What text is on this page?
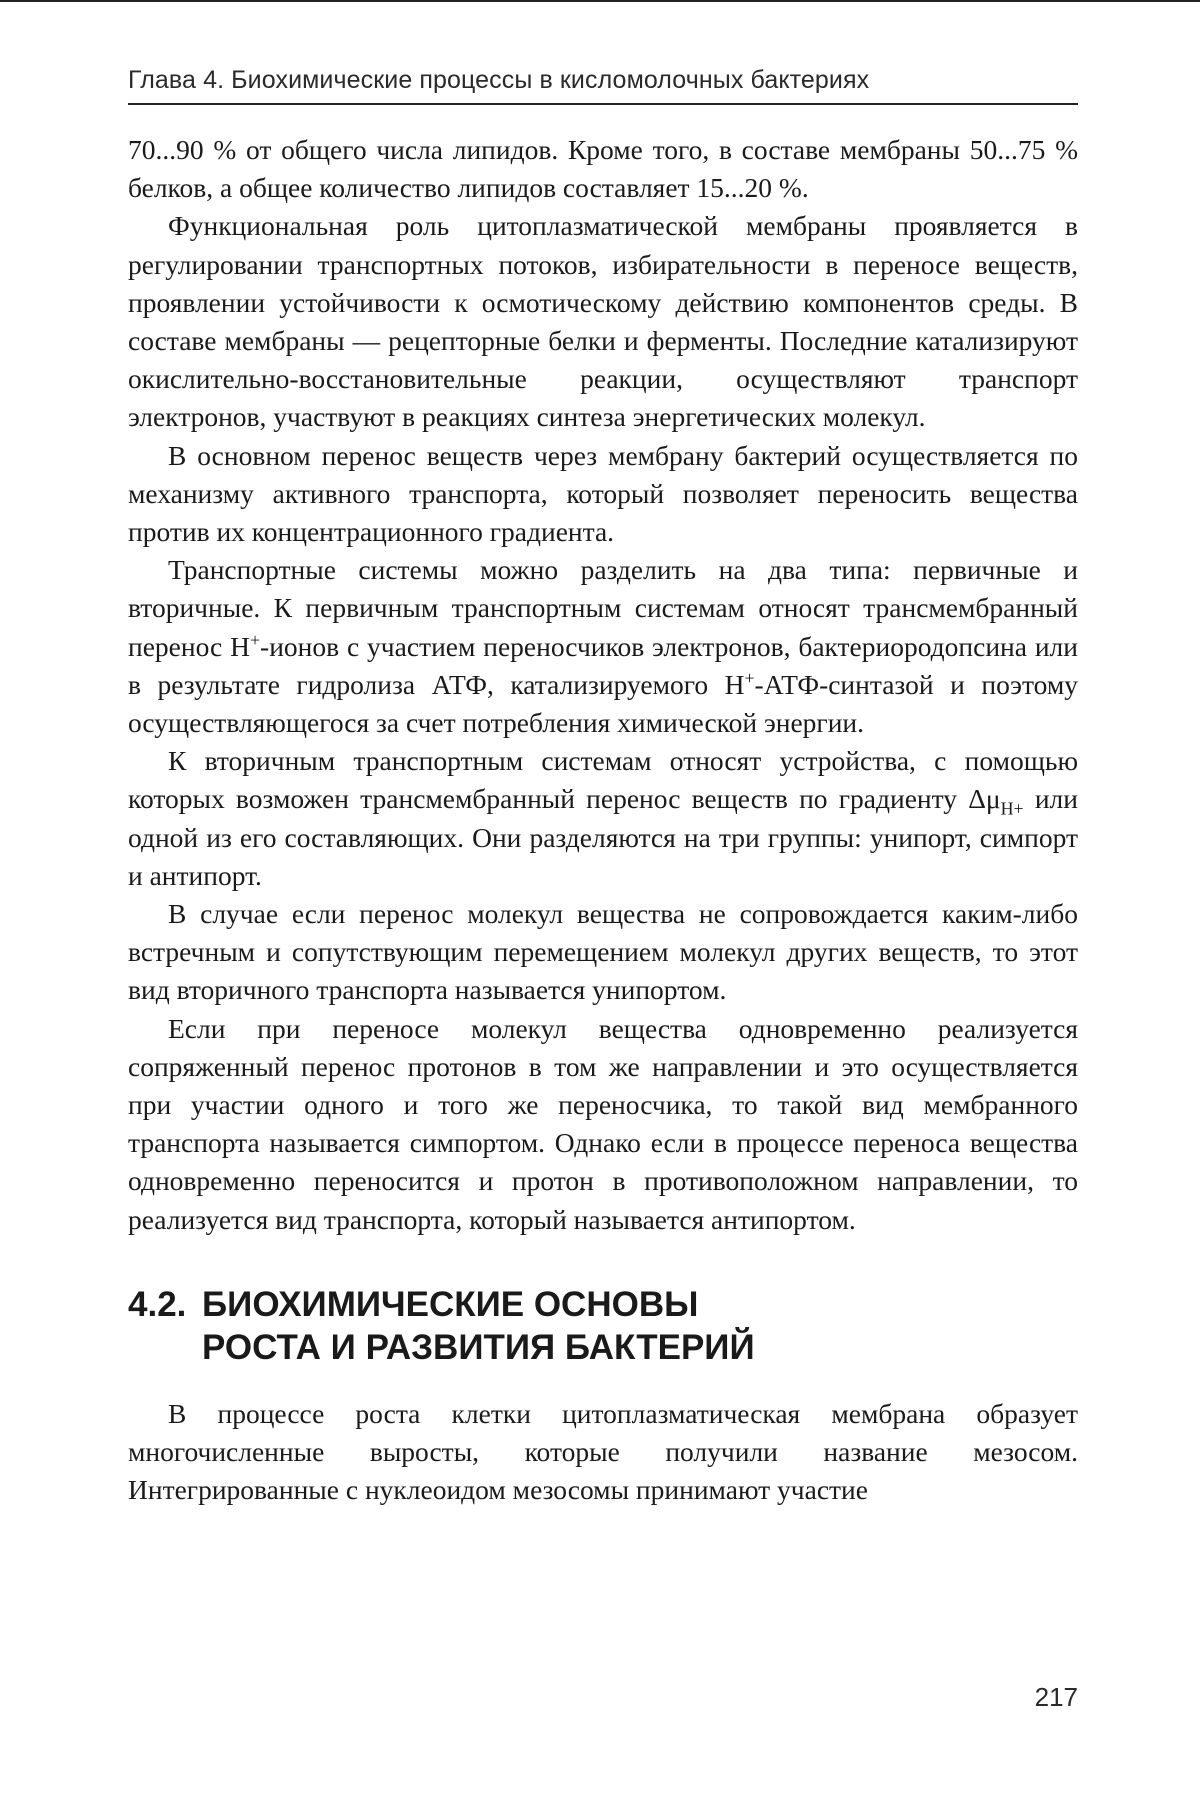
Глава 4. Биохимические процессы в кисломолочных бактериях

70...90 % от общего числа липидов. Кроме того, в составе мембраны 50...75 % белков, а общее количество липидов составляет 15...20 %.

Функциональная роль цитоплазматической мембраны проявляется в регулировании транспортных потоков, избирательности в переносе веществ, проявлении устойчивости к осмотическому действию компонентов среды. В составе мембраны — рецепторные белки и ферменты. Последние катализируют окислительно-восстановительные реакции, осуществляют транспорт электронов, участвуют в реакциях синтеза энергетических молекул.

В основном перенос веществ через мембрану бактерий осуществляется по механизму активного транспорта, который позволяет переносить вещества против их концентрационного градиента.

Транспортные системы можно разделить на два типа: первичные и вторичные. К первичным транспортным системам относят трансмембранный перенос H+-ионов с участием переносчиков электронов, бактериородопсина или в результате гидролиза АТФ, катализируемого H+-АТФ-синтазой и поэтому осуществляющегося за счет потребления химической энергии.

К вторичным транспортным системам относят устройства, с помощью которых возможен трансмембранный перенос веществ по градиенту ΔμH+ или одной из его составляющих. Они разделяются на три группы: унипорт, симпорт и антипорт.

В случае если перенос молекул вещества не сопровождается каким-либо встречным и сопутствующим перемещением молекул других веществ, то этот вид вторичного транспорта называется унипортом.

Если при переносе молекул вещества одновременно реализуется сопряженный перенос протонов в том же направлении и это осуществляется при участии одного и того же переносчика, то такой вид мембранного транспорта называется симпортом. Однако если в процессе переноса вещества одновременно переносится и протон в противоположном направлении, то реализуется вид транспорта, который называется антипортом.

4.2. БИОХИМИЧЕСКИЕ ОСНОВЫ
РОСТА И РАЗВИТИЯ БАКТЕРИЙ

В процессе роста клетки цитоплазматическая мембрана образует многочисленные выросты, которые получили название мезосом. Интегрированные с нуклеоидом мезосомы принимают участие

217
